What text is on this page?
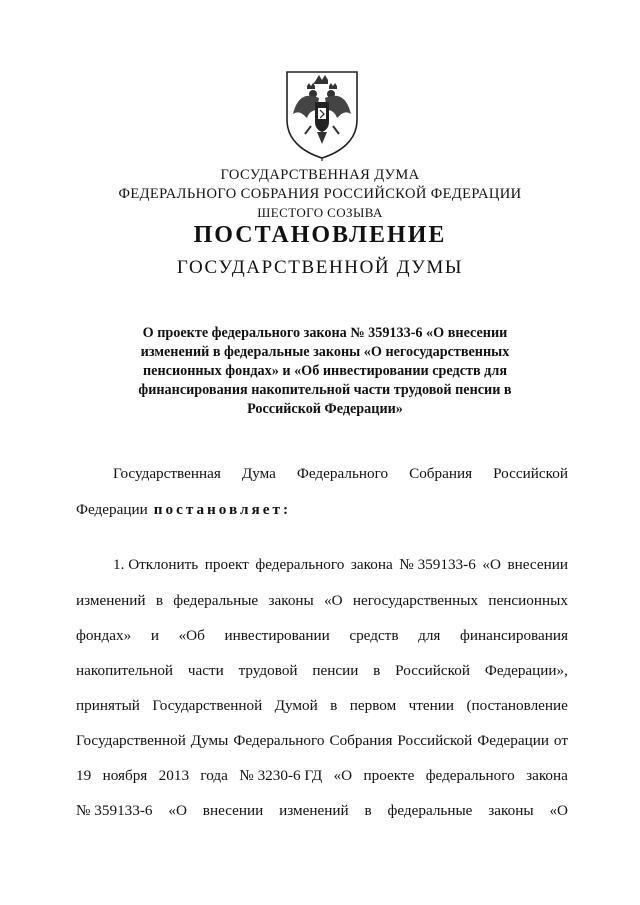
ГОСУДАРСТВЕННАЯ ДУМА
ФЕДЕРАЛЬНОГО СОБРАНИЯ РОССИЙСКОЙ ФЕДЕРАЦИИ
ШЕСТОГО СОЗЫВА
ПОСТАНОВЛЕНИЕ
ГОСУДАРСТВЕННОЙ ДУМЫ
О проекте федерального закона № 359133-6 «О внесении
изменений в федеральные законы «О негосударственных
пенсионных фондах» и «Об инвестировании средств для
финансирования накопительной части трудовой пенсии в
Российской Федерации»
Государственная Дума Федерального Собрания Российской
Федерации постановляет:
1. Отклонить проект федерального закона № 359133-6 «О внесении
изменений в федеральные законы «О негосударственных пенсионных
фондах» и «Об инвестировании средств для финансирования
накопительной части трудовой пенсии в Российской Федерации»,
принятый Государственной Думой в первом чтении (постановление
Государственной Думы Федерального Собрания Российской Федерации от
19 ноября 2013 года № 3230-6 ГД «О проекте федерального закона
№ 359133-6 «О внесении изменений в федеральные законы «О
